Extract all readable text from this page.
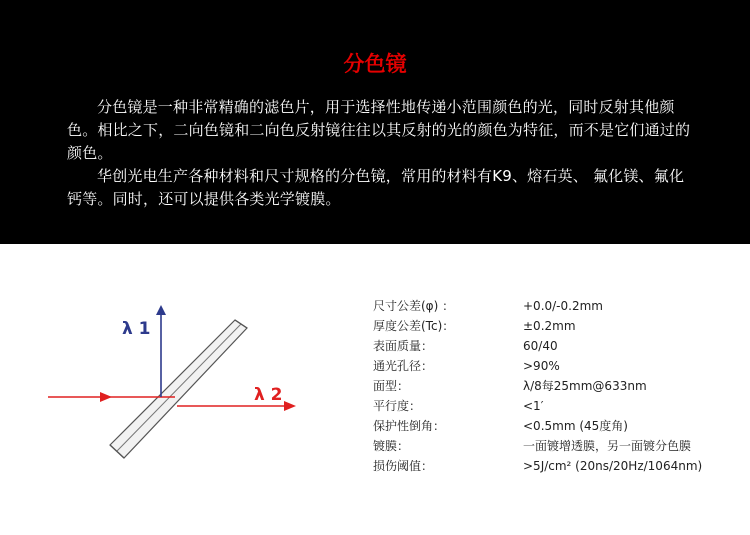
分色镜

分色镜是一种非常精确的滤色片，用于选择性地传递小范围颜色的光，同时反射其他颜色。相比之下，二向色镜和二向色反射镜往往以其反射的光的颜色为特征，而不是它们通过的颜色。

华创光电生产各种材料和尺寸规格的分色镜，常用的材料有K9、熔石英、 氟化镁、氟化钙等。同时，还可以提供各类光学镀膜。

λ 1
λ 2
尺寸公差(φ) ：	+0.0/-0.2mm
厚度公差(Tc)：	±0.2mm
表面质量：	60/40
通光孔径：	>90%
面型：	λ/8每25mm@633nm
平行度：	<1′
保护性倒角：	<0.5mm (45度角)
镀膜：	一面镀增透膜，另一面镀分色膜
损伤阈值：	>5J/cm² (20ns/20Hz/1064nm)
